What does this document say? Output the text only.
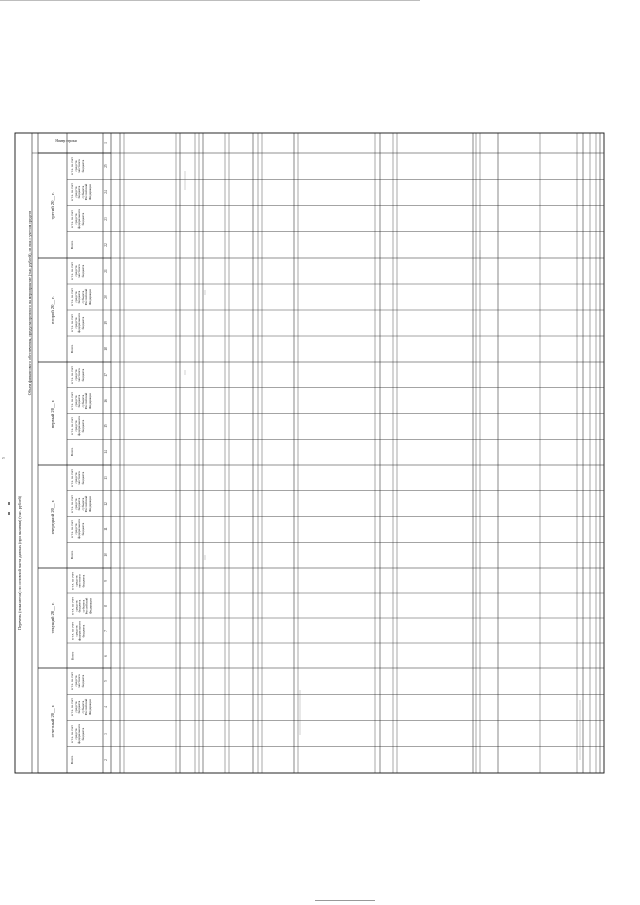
Перечень (показатели) по основной части данных (при наличии) (тыс. рублей)
Объем финансового обеспечения, предусмотренного на мероприятие (тыс. рублей), из них с учетом средств
Номер строки
5
отчетный 20__ г.
Всего
в т.ч. за счет средств федерального бюджета
в т.ч. за счет средств бюджета субъекта Российской Федерации
в т.ч. за счет средств местного бюджета
текущий 20__ г.
Всего
в т.ч. за счет средств федерального бюджета
в т.ч. за счет средств бюджета субъекта Российской Федерации
в т.ч. за счет средств местного бюджета
очередной 20__ г.
Всего
в т.ч. за счет средств федерального бюджета
в т.ч. за счет средств бюджета субъекта Российской Федерации
в т.ч. за счет средств местного бюджета
первый 20__ г.
Всего
в т.ч. за счет средств федерального бюджета
в т.ч. за счет средств бюджета субъекта Российской Федерации
в т.ч. за счет средств местного бюджета
второй 20__ г.
Всего
в т.ч. за счет средств федерального бюджета
в т.ч. за счет средств бюджета субъекта Российской Федерации
в т.ч. за счет средств местного бюджета
третий 20__ г.
Всего
в т.ч. за счет средств федерального бюджета
в т.ч. за счет средств бюджета субъекта Российской Федерации
в т.ч. за счет средств местного бюджета
1
25
24
23
22
21
20
19
18
17
16
15
14
13
12
11
10
9
8
7
6
5
4
3
2
